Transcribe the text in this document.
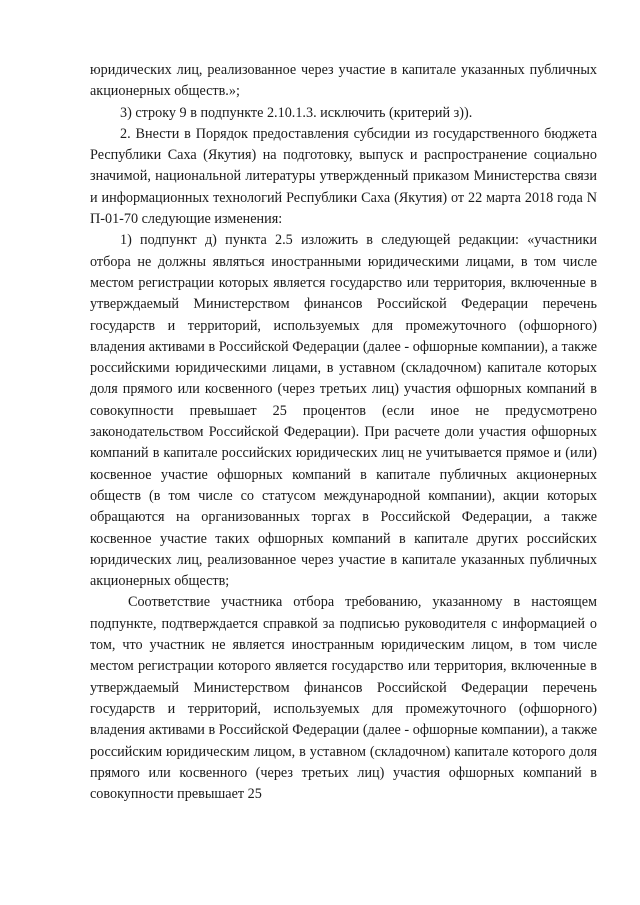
юридических лиц, реализованное через участие в капитале указанных публичных акционерных обществ.»;

3) строку 9 в подпункте 2.10.1.3. исключить (критерий з)).

2. Внести в Порядок предоставления субсидии из государственного бюджета Республики Саха (Якутия) на подготовку, выпуск и распространение социально значимой, национальной литературы утвержденный приказом Министерства связи и информационных технологий Республики Саха (Якутия) от 22 марта 2018 года N П-01-70 следующие изменения:

1) подпункт д) пункта 2.5 изложить в следующей редакции: «участники отбора не должны являться иностранными юридическими лицами, в том числе местом регистрации которых является государство или территория, включенные в утверждаемый Министерством финансов Российской Федерации перечень государств и территорий, используемых для промежуточного (офшорного) владения активами в Российской Федерации (далее - офшорные компании), а также российскими юридическими лицами, в уставном (складочном) капитале которых доля прямого или косвенного (через третьих лиц) участия офшорных компаний в совокупности превышает 25 процентов (если иное не предусмотрено законодательством Российской Федерации). При расчете доли участия офшорных компаний в капитале российских юридических лиц не учитывается прямое и (или) косвенное участие офшорных компаний в капитале публичных акционерных обществ (в том числе со статусом международной компании), акции которых обращаются на организованных торгах в Российской Федерации, а также косвенное участие таких офшорных компаний в капитале других российских юридических лиц, реализованное через участие в капитале указанных публичных акционерных обществ;

Соответствие участника отбора требованию, указанному в настоящем подпункте, подтверждается справкой за подписью руководителя с информацией о том, что участник не является иностранным юридическим лицом, в том числе местом регистрации которого является государство или территория, включенные в утверждаемый Министерством финансов Российской Федерации перечень государств и территорий, используемых для промежуточного (офшорного) владения активами в Российской Федерации (далее - офшорные компании), а также российским юридическим лицом, в уставном (складочном) капитале которого доля прямого или косвенного (через третьих лиц) участия офшорных компаний в совокупности превышает 25
